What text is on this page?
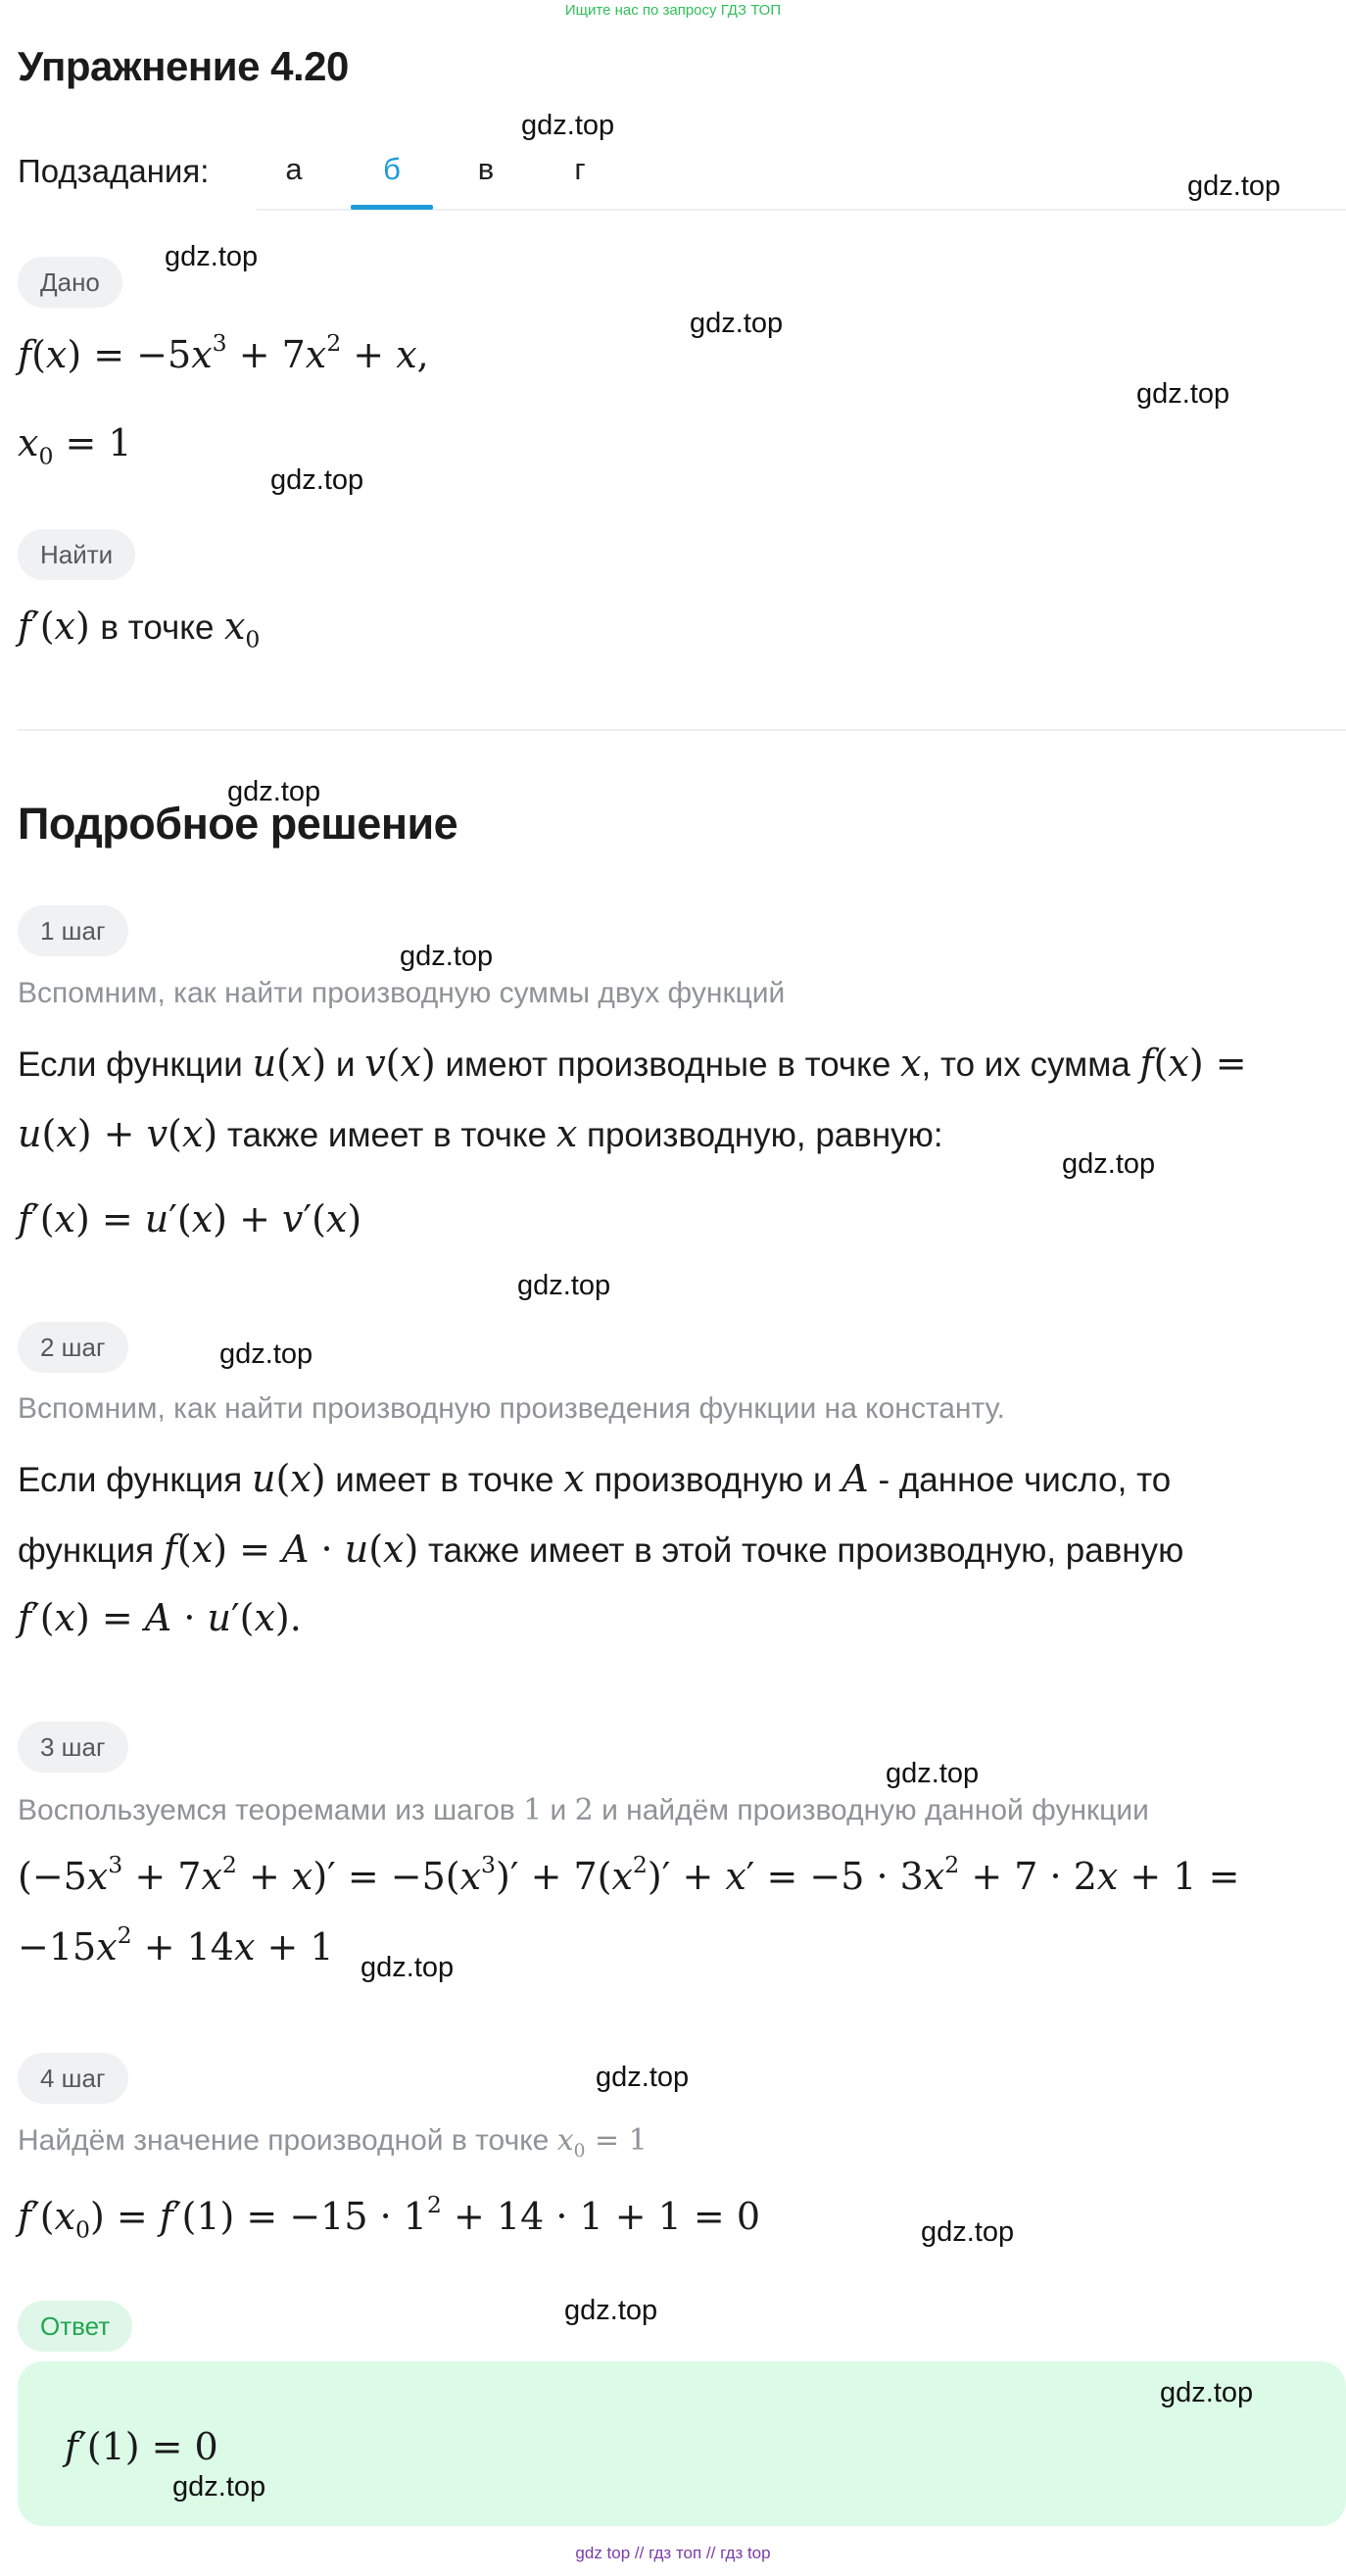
Ищите нас по запросу ГДЗ ТОП
Упражнение 4.20
Подзадания:	а	б	в	г
Дано
$f(x) = -5x^3 + 7x^2 + x$,
$x_0 = 1$
Найти
f′(x) в точке $x_0$
Подробное решение
1 шаг
Вспомним, как найти производную суммы двух функций
Если функции u(x) и v(x) имеют производные в точке x, то их сумма f(x) =
u(x) + v(x) также имеет в точке x производную, равную:
f′(x) = u′(x) + v′(x)
2 шаг
Вспомним, как найти производную произведения функции на константу.
Если функция u(x) имеет в точке x производную и A - данное число, то
функция f(x) = A · u(x) также имеет в этой точке производную, равную
f′(x) = A · u′(x).
3 шаг
Воспользуемся теоремами из шагов 1 и 2 и найдём производную данной функции
$(-5x^3 + 7x^2 + x)' = -5(x^3)' + 7(x^2)' + x' = -5 \cdot 3x^2 + 7 \cdot 2x + 1$ =
$-15x^2 + 14x + 1$
4 шаг
Найдём значение производной в точке $x_0 = 1$
$f'(x_0) = f'(1) = -15 \cdot 1^2 + 14 \cdot 1 + 1 = 0$
Ответ
f′(1) = 0
gdz.top
gdz.top
gdz.top
gdz.top
gdz.top
gdz.top
gdz.top
gdz.top
gdz.top
gdz.top
gdz.top
gdz.top
gdz.top
gdz.top
gdz.top
gdz.top
gdz.top
gdz.top
gdz top // гдз топ // гдз top
